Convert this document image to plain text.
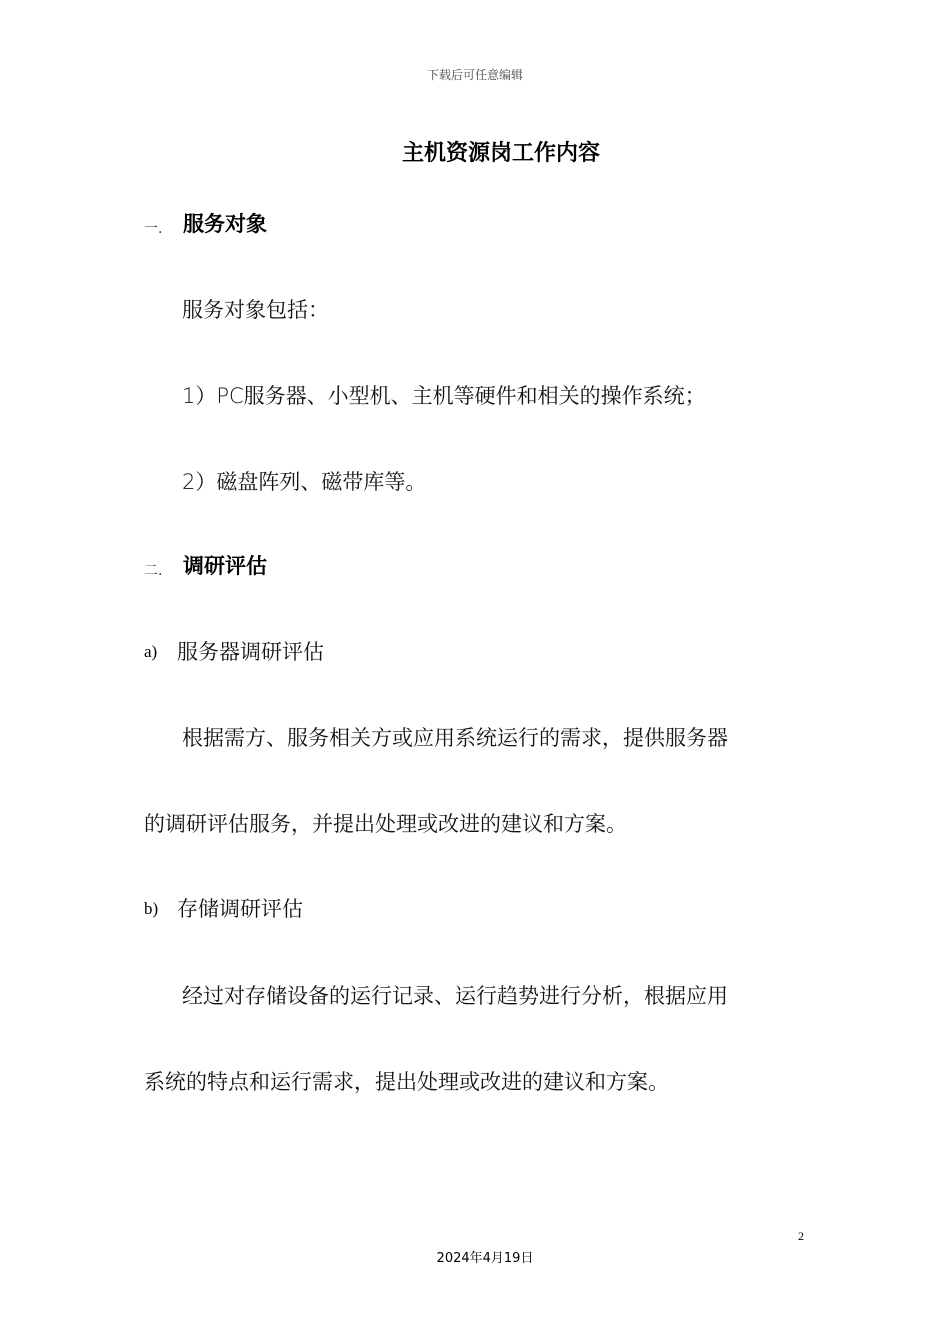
下载后可任意编辑
主机资源岗工作内容
一. 服务对象
服务对象包括：
1）PC服务器、小型机、主机等硬件和相关的操作系统；
2）磁盘阵列、磁带库等。
二. 调研评估
a) 服务器调研评估
根据需方、服务相关方或应用系统运行的需求，提供服务器
的调研评估服务，并提出处理或改进的建议和方案。
b) 存储调研评估
经过对存储设备的运行记录、运行趋势进行分析，根据应用
系统的特点和运行需求，提出处理或改进的建议和方案。
2
2024年4月19日
